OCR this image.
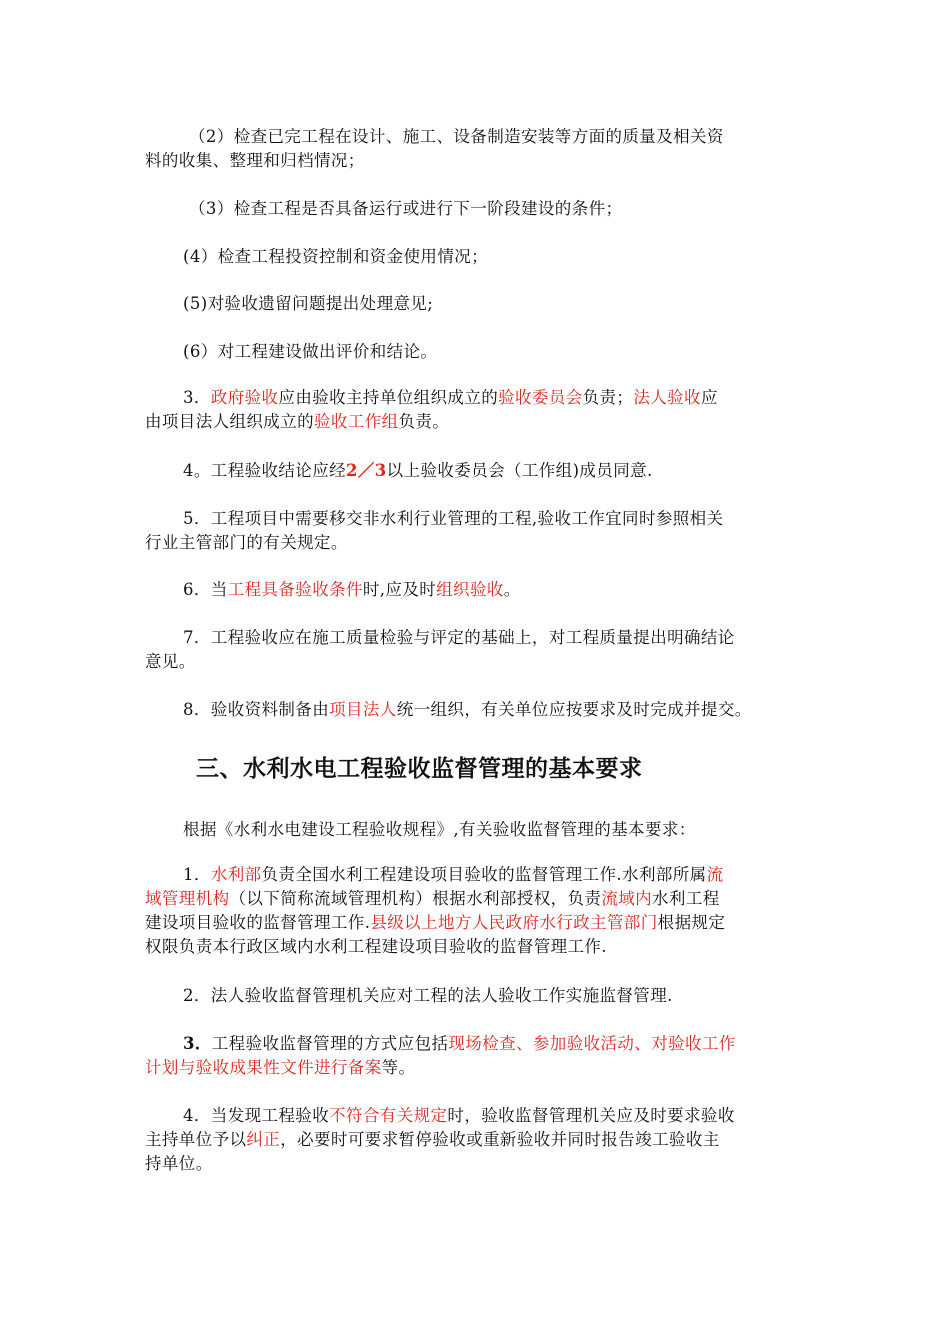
（2）检查已完工程在设计、施工、设备制造安装等方面的质量及相关资
料的收集、整理和归档情况；
（3）检查工程是否具备运行或进行下一阶段建设的条件；
(4）检查工程投资控制和资金使用情况；
(5)对验收遗留问题提出处理意见;
(6）对工程建设做出评价和结论。
3．政府验收应由验收主持单位组织成立的验收委员会负责；法人验收应
由项目法人组织成立的验收工作组负责。
4。工程验收结论应经2／3以上验收委员会（工作组)成员同意.
5．工程项目中需要移交非水利行业管理的工程,验收工作宜同时参照相关
行业主管部门的有关规定。
6．当工程具备验收条件时,应及时组织验收。
7．工程验收应在施工质量检验与评定的基础上，对工程质量提出明确结论
意见。
8．验收资料制备由项目法人统一组织，有关单位应按要求及时完成并提交。
三、水利水电工程验收监督管理的基本要求
根据《水利水电建设工程验收规程》,有关验收监督管理的基本要求：
1．水利部负责全国水利工程建设项目验收的监督管理工作.水利部所属流
域管理机构（以下简称流域管理机构）根据水利部授权，负责流域内水利工程
建设项目验收的监督管理工作.县级以上地方人民政府水行政主管部门根据规定
权限负责本行政区域内水利工程建设项目验收的监督管理工作.
2．法人验收监督管理机关应对工程的法人验收工作实施监督管理.
3．工程验收监督管理的方式应包括现场检查、参加验收活动、对验收工作
计划与验收成果性文件进行备案等。
4．当发现工程验收不符合有关规定时，验收监督管理机关应及时要求验收
主持单位予以纠正，必要时可要求暂停验收或重新验收并同时报告竣工验收主
持单位。
